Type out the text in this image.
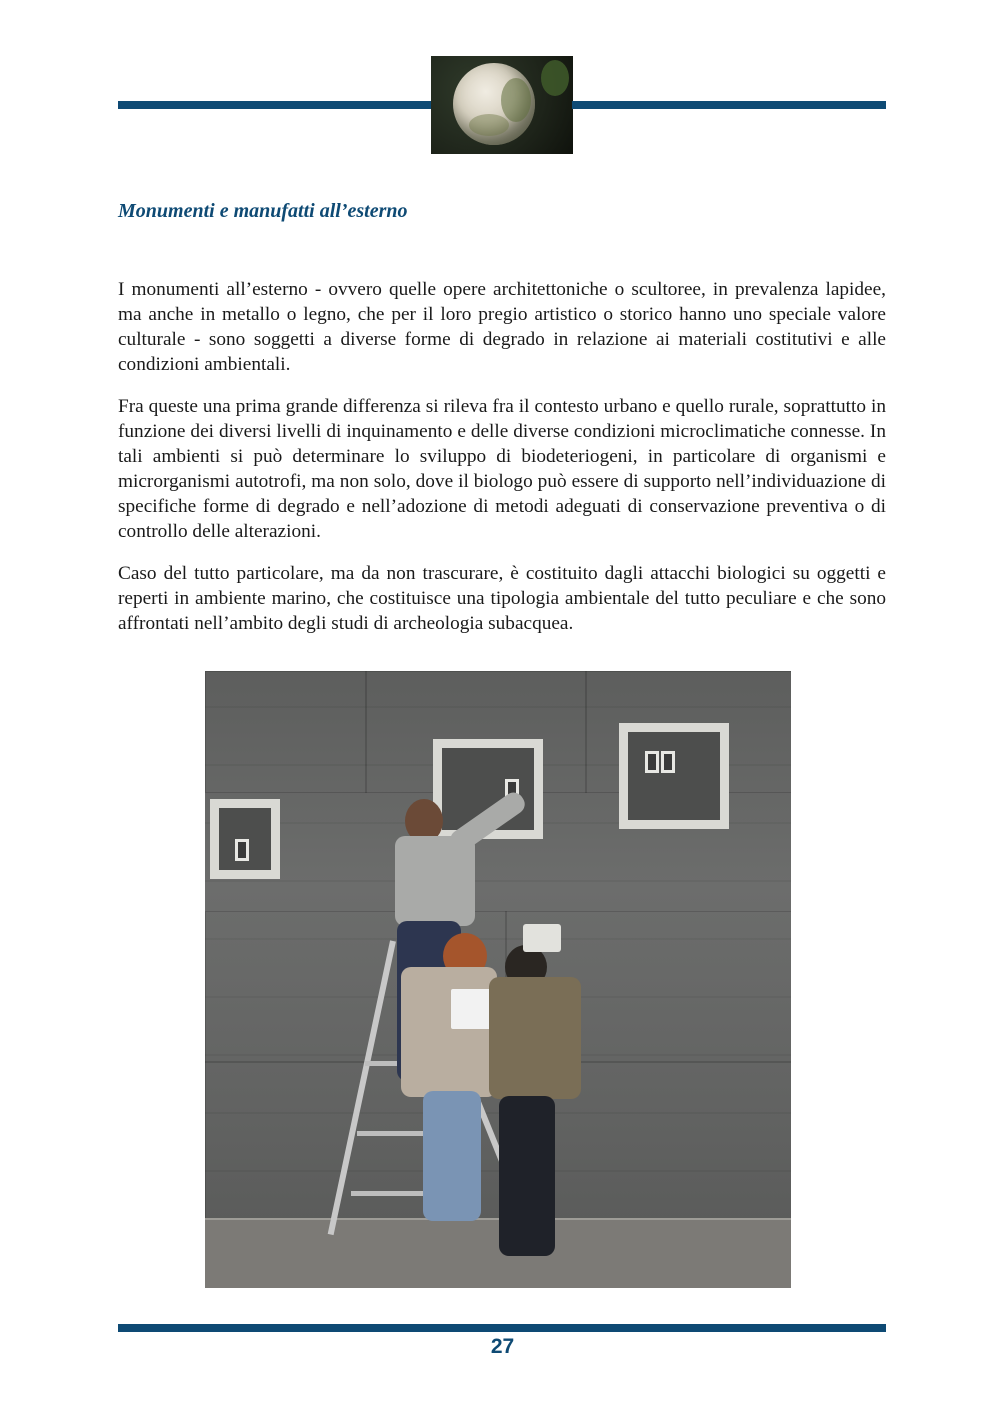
Monumenti e manufatti all’esterno

I monumenti all’esterno - ovvero quelle opere architettoniche o scultoree, in prevalenza lapidee, ma anche in metallo o legno, che per il loro pregio artistico o storico hanno uno speciale valore culturale - sono soggetti a diverse forme di degrado in relazione ai materiali costitutivi e alle condizioni ambientali.

Fra queste una prima grande differenza si rileva fra il contesto urbano e quello rurale, soprattutto in funzione dei diversi livelli di inquinamento e delle diverse condizioni microclimatiche connesse. In tali ambienti si può determinare lo sviluppo di biodeteriogeni, in particolare di organismi e microrganismi autotrofi, ma non solo, dove il biologo può essere di supporto nell’individuazione di specifiche forme di degrado e nell’adozione di metodi adeguati di conservazione preventiva o di controllo delle alterazioni.

Caso del tutto particolare, ma da non trascurare, è costituito dagli attacchi biologici su oggetti e reperti in ambiente marino, che costituisce una tipologia ambientale del tutto peculiare e che sono affrontati nell’ambito degli studi di archeologia subacquea.

27
